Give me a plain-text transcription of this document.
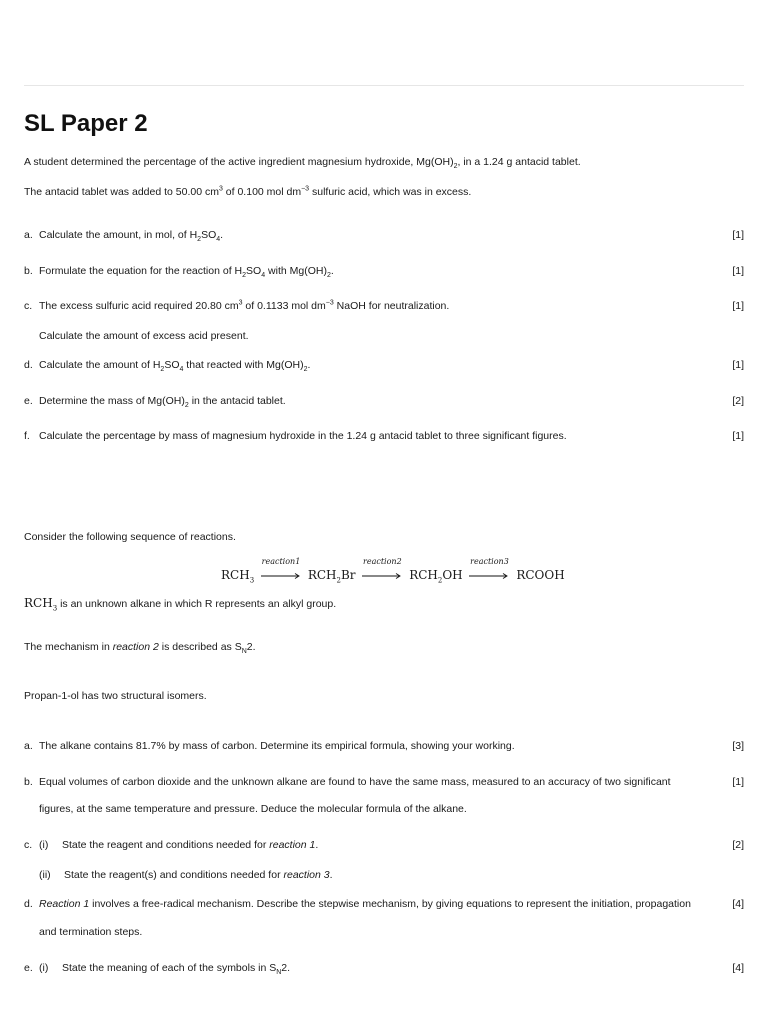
SL Paper 2
A student determined the percentage of the active ingredient magnesium hydroxide, $Mg(OH)_2$, in a 1.24 g antacid tablet.
The antacid tablet was added to 50.00 $cm^3$ of 0.100 mol $dm^{-3}$ sulfuric acid, which was in excess.
a. Calculate the amount, in mol, of $H_2SO_4$.	[1]
b. Formulate the equation for the reaction of $H_2SO_4$ with $Mg(OH)_2$.	[1]
c. The excess sulfuric acid required 20.80 $cm^3$ of 0.1133 mol $dm^{-3}$ NaOH for neutralization.
Calculate the amount of excess acid present.
[1]
d. Calculate the amount of $H_2SO_4$ that reacted with $Mg(OH)_2$.	[1]
e. Determine the mass of $Mg(OH)_2$ in the antacid tablet.	[2]
f. Calculate the percentage by mass of magnesium hydroxide in the 1.24 g antacid tablet to three significant figures.	[1]
Consider the following sequence of reactions.
$RCH_3$
reaction1
$RCH_2Br$
reaction2
$RCH_2OH$
reaction3
RCOOH
$RCH_3$ is an unknown alkane in which R represents an alkyl group.
The mechanism in reaction 2 is described as $S_N2$.
Propan-1-ol has two structural isomers.
a. The alkane contains 81.7% by mass of carbon. Determine its empirical formula, showing your working.	[3]
b. Equal volumes of carbon dioxide and the unknown alkane are found to have the same mass, measured to an accuracy of two significant
figures, at the same temperature and pressure. Deduce the molecular formula of the alkane.
[1]
c. (i) State the reagent and conditions needed for reaction 1.
(ii) State the reagent(s) and conditions needed for reaction 3.
[2]
d. Reaction 1 involves a free-radical mechanism. Describe the stepwise mechanism, by giving equations to represent the initiation, propagation
and termination steps.
[4]
e. (i) State the meaning of each of the symbols in $S_N2$.	[4]
